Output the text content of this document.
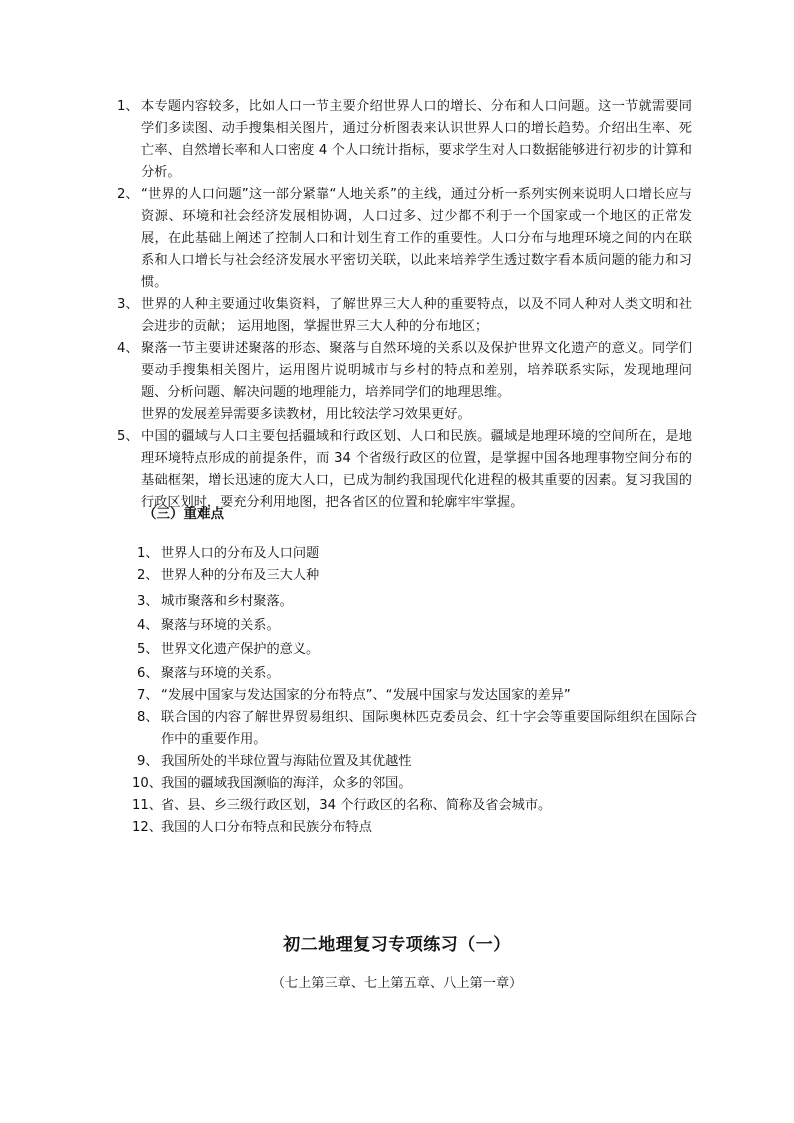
1、 本专题内容较多，比如人口一节主要介绍世界人口的增长、分布和人口问题。这一节就需要同学们多读图、动手搜集相关图片，通过分析图表来认识世界人口的增长趋势。介绍出生率、死亡率、自然增长率和人口密度 4 个人口统计指标，要求学生对人口数据能够进行初步的计算和分析。
2、 “世界的人口问题”这一部分紧靠“人地关系”的主线，通过分析一系列实例来说明人口增长应与资源、环境和社会经济发展相协调，人口过多、过少都不利于一个国家或一个地区的正常发展，在此基础上阐述了控制人口和计划生育工作的重要性。人口分布与地理环境之间的内在联系和人口增长与社会经济发展水平密切关联，以此来培养学生透过数字看本质问题的能力和习惯。
3、 世界的人种主要通过收集资料，了解世界三大人种的重要特点，以及不同人种对人类文明和社会进步的贡献； 运用地图，掌握世界三大人种的分布地区；
4、 聚落一节主要讲述聚落的形态、聚落与自然环境的关系以及保护世界文化遗产的意义。同学们要动手搜集相关图片，运用图片说明城市与乡村的特点和差别，培养联系实际，发现地理问题、分析问题、解决问题的地理能力，培养同学们的地理思维。
世界的发展差异需要多读教材，用比较法学习效果更好。
5、 中国的疆域与人口主要包括疆域和行政区划、人口和民族。疆域是地理环境的空间所在，是地理环境特点形成的前提条件，而 34 个省级行政区的位置，是掌握中国各地理事物空间分布的基础框架，增长迅速的庞大人口，已成为制约我国现代化进程的极其重要的因素。复习我国的行政区划时，要充分利用地图，把各省区的位置和轮廓牢牢掌握。
（三）重难点
1、 世界人口的分布及人口问题
2、 世界人种的分布及三大人种
3、 城市聚落和乡村聚落。
4、 聚落与环境的关系。
5、 世界文化遗产保护的意义。
6、 聚落与环境的关系。
7、 “发展中国家与发达国家的分布特点”、“发展中国家与发达国家的差异”
8、 联合国的内容了解世界贸易组织、国际奥林匹克委员会、红十字会等重要国际组织在国际合作中的重要作用。
9、 我国所处的半球位置与海陆位置及其优越性
10、 我国的疆域我国濒临的海洋，众多的邻国。
11、 省、县、乡三级行政区划，34 个行政区的名称、简称及省会城市。
12、 我国的人口分布特点和民族分布特点
初二地理复习专项练习（一）
（七上第三章、七上第五章、八上第一章）
